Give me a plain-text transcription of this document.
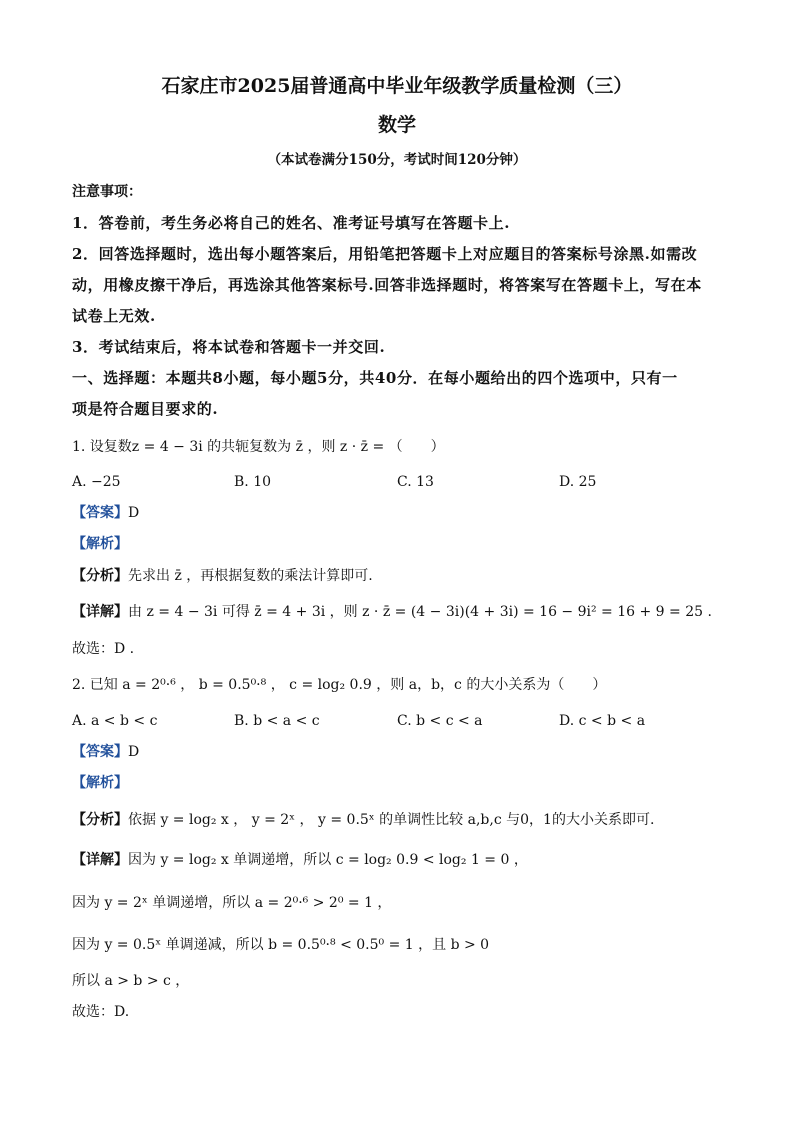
石家庄市2025届普通高中毕业年级教学质量检测（三）
数学
（本试卷满分150分，考试时间120分钟）
注意事项：
1．答卷前，考生务必将自己的姓名、准考证号填写在答题卡上.
2．回答选择题时，选出每小题答案后，用铅笔把答题卡上对应题目的答案标号涂黑.如需改
动，用橡皮擦干净后，再选涂其他答案标号.回答非选择题时，将答案写在答题卡上，写在本
试卷上无效.
3．考试结束后，将本试卷和答题卡一并交回.
一、选择题：本题共8小题，每小题5分，共40分．在每小题给出的四个选项中，只有一
项是符合题目要求的.
1. 设复数z = 4 − 3i 的共轭复数为 z̄ ，则 z · z̄ = （　　）
A. −25	B. 10	C. 13	D. 25
【答案】D
【解析】
【分析】先求出 z̄ ，再根据复数的乘法计算即可.
【详解】由 z = 4 − 3i 可得 z̄ = 4 + 3i ，则 z · z̄ = (4 − 3i)(4 + 3i) = 16 − 9i² = 16 + 9 = 25 .
故选：D .
2. 已知 a = 2⁰·⁶ ， b = 0.5⁰·⁸ ， c = log₂ 0.9 ，则 a，b，c 的大小关系为（　　）
A. a < b < c	B. b < a < c	C. b < c < a	D. c < b < a
【答案】D
【解析】
【分析】依据 y = log₂ x ， y = 2ˣ ， y = 0.5ˣ 的单调性比较 a,b,c 与0，1的大小关系即可.
【详解】因为 y = log₂ x 单调递增，所以 c = log₂ 0.9 < log₂ 1 = 0 ，
因为 y = 2ˣ 单调递增，所以 a = 2⁰·⁶ > 2⁰ = 1 ，
因为 y = 0.5ˣ 单调递减，所以 b = 0.5⁰·⁸ < 0.5⁰ = 1 ，且 b > 0
所以 a > b > c ，
故选：D.
